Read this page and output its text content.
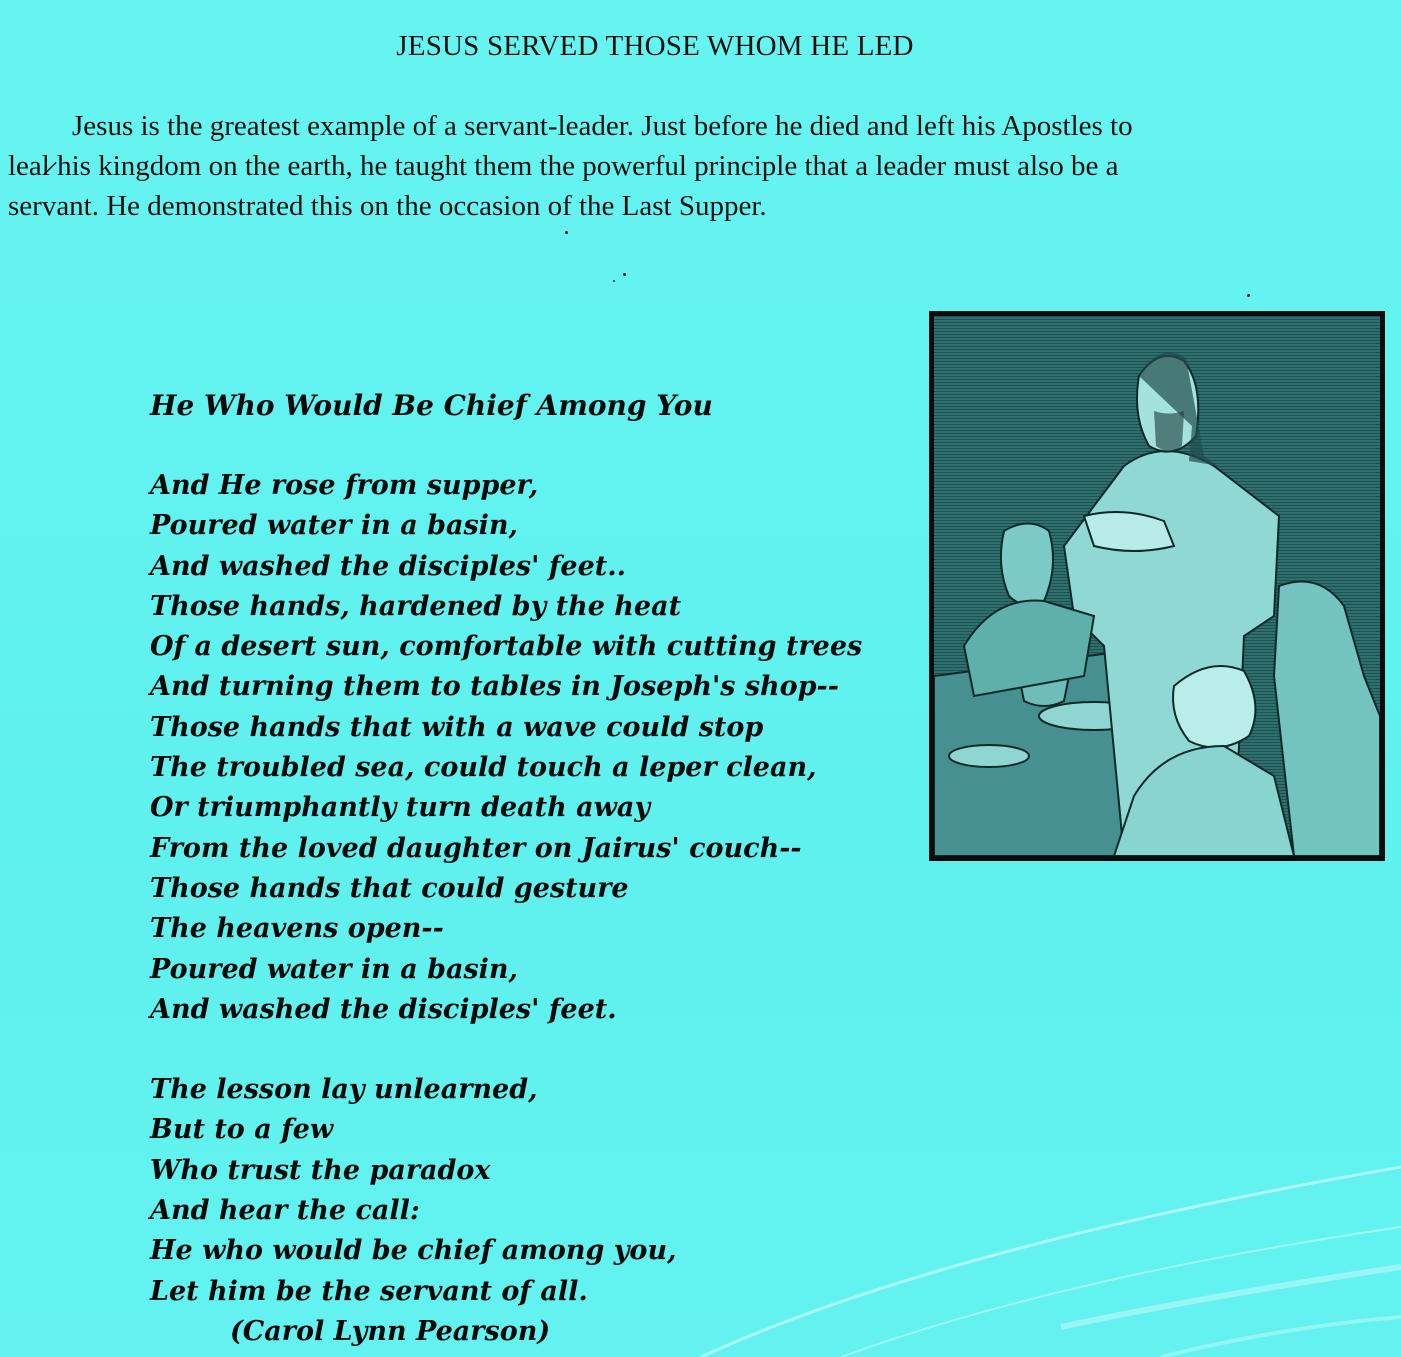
JESUS SERVED THOSE WHOM HE LED
Jesus is the greatest example of a servant-leader. Just before he died and left his Apostles to
leal̷ his kingdom on the earth, he taught them the powerful principle that a leader must also be a
servant. He demonstrated this on the occasion of the Last Supper.
He Who Would Be Chief Among You
And He rose from supper,
Poured water in a basin,
And washed the disciples' feet..
Those hands, hardened by the heat
Of a desert sun, comfortable with cutting trees
And turning them to tables in Joseph's shop--
Those hands that with a wave could stop
The troubled sea, could touch a leper clean,
Or triumphantly turn death away
From the loved daughter on Jairus' couch--
Those hands that could gesture
The heavens open--
Poured water in a basin,
And washed the disciples' feet.
The lesson lay unlearned,
But to a few
Who trust the paradox
And hear the call:
He who would be chief among you,
Let him be the servant of all.
(Carol Lynn Pearson)
